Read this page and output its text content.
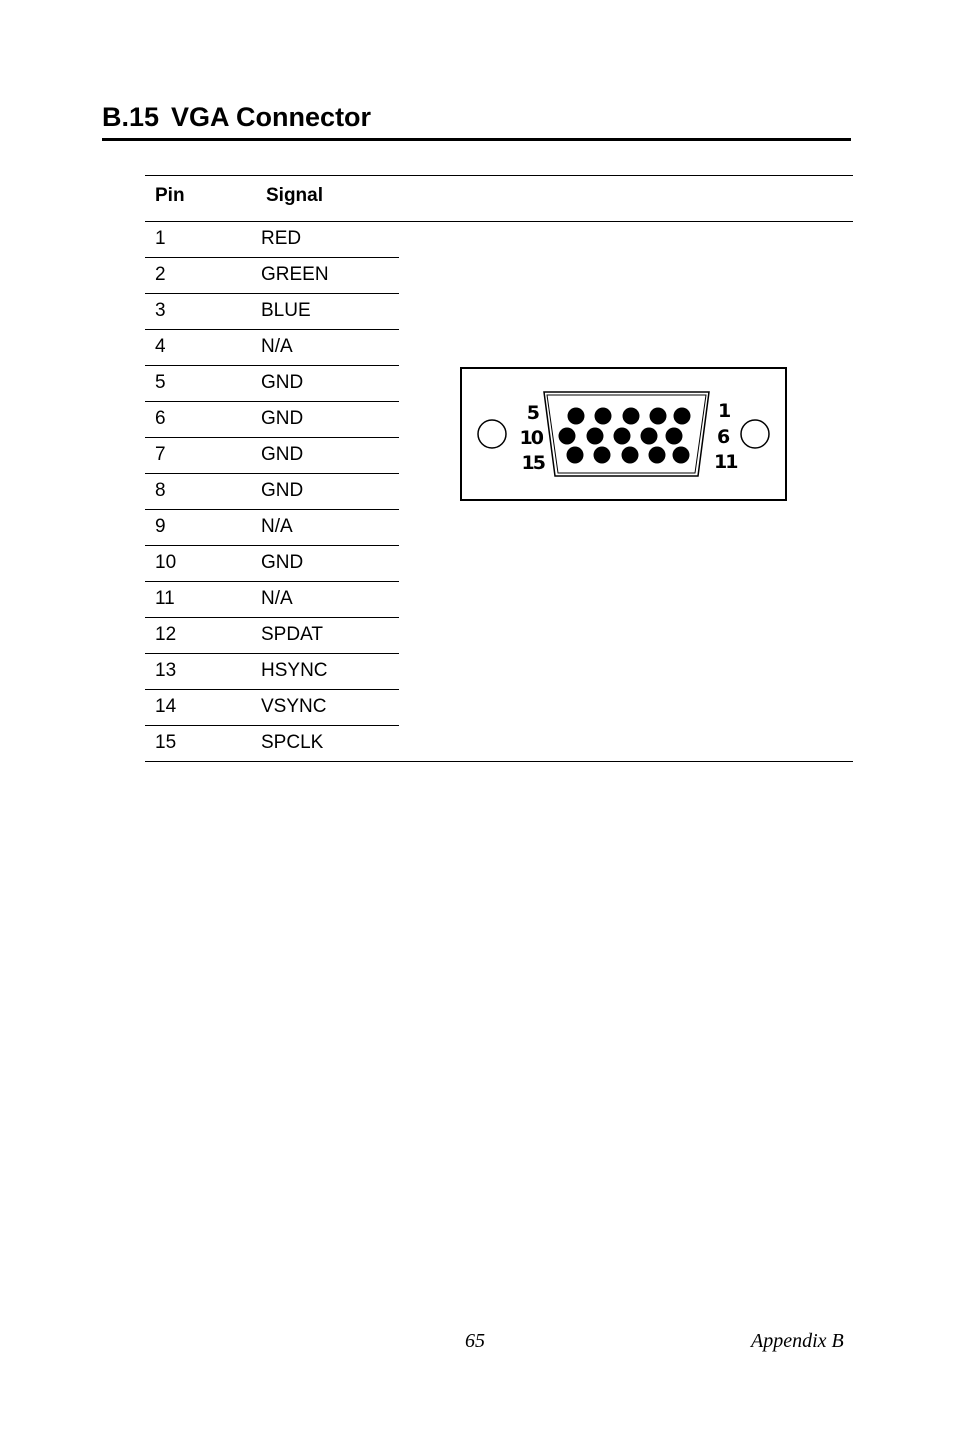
B.15 VGA Connector
Pin	Signal
1	RED
2	GREEN
3	BLUE
4	N/A
5	GND
6	GND
7	GND
8	GND
9	N/A
10	GND
11	N/A
12	SPDAT
13	HSYNC
14	VSYNC
15	SPCLK
5
10
15
1
6
11
65	Appendix B
